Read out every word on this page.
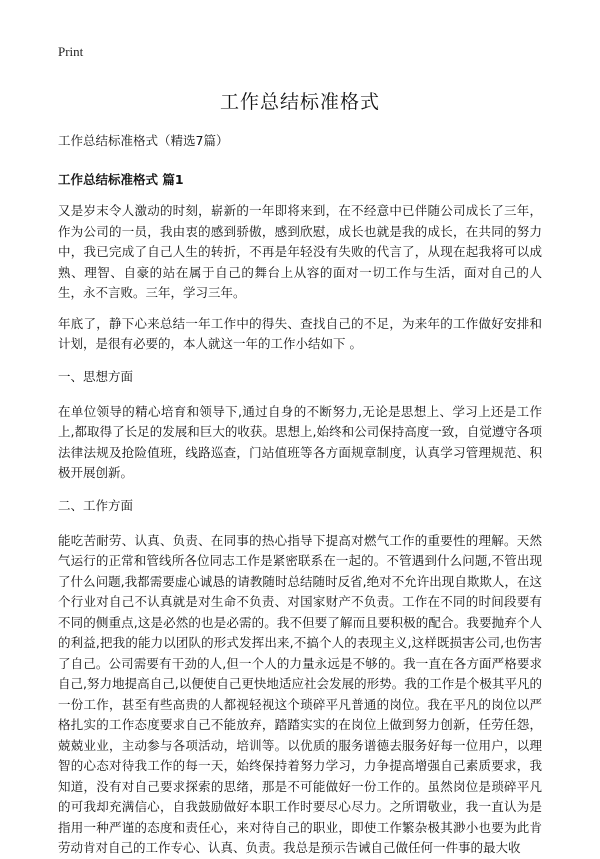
Print
工作总结标准格式

工作总结标准格式（精选7篇）

工作总结标准格式 篇1

又是岁末令人激动的时刻，崭新的一年即将来到，在不经意中已伴随公司成长了三年，作为公司的一员，我由衷的感到骄傲，感到欣慰，成长也就是我的成长，在共同的努力中，我已完成了自己人生的转折，不再是年轻没有失败的代言了，从现在起我将可以成熟、理智、自豪的站在属于自己的舞台上从容的面对一切工作与生活，面对自己的人生，永不言败。三年，学习三年。

年底了，静下心来总结一年工作中的得失、查找自己的不足，为来年的工作做好安排和计划，是很有必要的，本人就这一年的工作小结如下 。

一、思想方面

在单位领导的精心培育和领导下,通过自身的不断努力,无论是思想上、学习上还是工作上,都取得了长足的发展和巨大的收获。思想上,始终和公司保持高度一致，自觉遵守各项法律法规及抢险值班，线路巡查，门站值班等各方面规章制度，认真学习管理规范、积极开展创新。

二、工作方面

能吃苦耐劳、认真、负责、在同事的热心指导下提高对燃气工作的重要性的理解。天然气运行的正常和管线所各位同志工作是紧密联系在一起的。不管遇到什么问题,不管出现了什么问题,我都需要虚心诚恳的请教随时总结随时反省,绝对不允许出现自欺欺人，在这个行业对自己不认真就是对生命不负责、对国家财产不负责。工作在不同的时间段要有不同的侧重点,这是必然的也是必需的。我不但要了解而且要积极的配合。我要抛弃个人的利益,把我的能力以团队的形式发挥出来,不搞个人的表现主义,这样既损害公司,也伤害了自己。公司需要有干劲的人,但一个人的力量永远是不够的。我一直在各方面严格要求自己,努力地提高自己,以便使自己更快地适应社会发展的形势。我的工作是个极其平凡的一份工作，甚至有些高贵的人都视轻视这个琐碎平凡普通的岗位。我在平凡的岗位以严格扎实的工作态度要求自己不能放弃，踏踏实实的在岗位上做到努力创新，任劳任怨，兢兢业业，主动参与各项活动，培训等。以优质的服务谱德去服务好每一位用户，以理智的心态对待我工作的每一天，始终保持着努力学习，力争提高增强自己素质要求，我知道，没有对自己要求探索的思绪，那是不可能做好一份工作的。虽然岗位是琐碎平凡的可我却充满信心，自我鼓励做好本职工作时要尽心尽力。之所谓敬业，我一直认为是指用一种严谨的态度和责任心，来对待自己的职业，即使工作繁杂极其渺小也要为此肯劳动肯对自己的工作专心、认真、负责。我总是预示告诫自己做任何一件事的最大收
